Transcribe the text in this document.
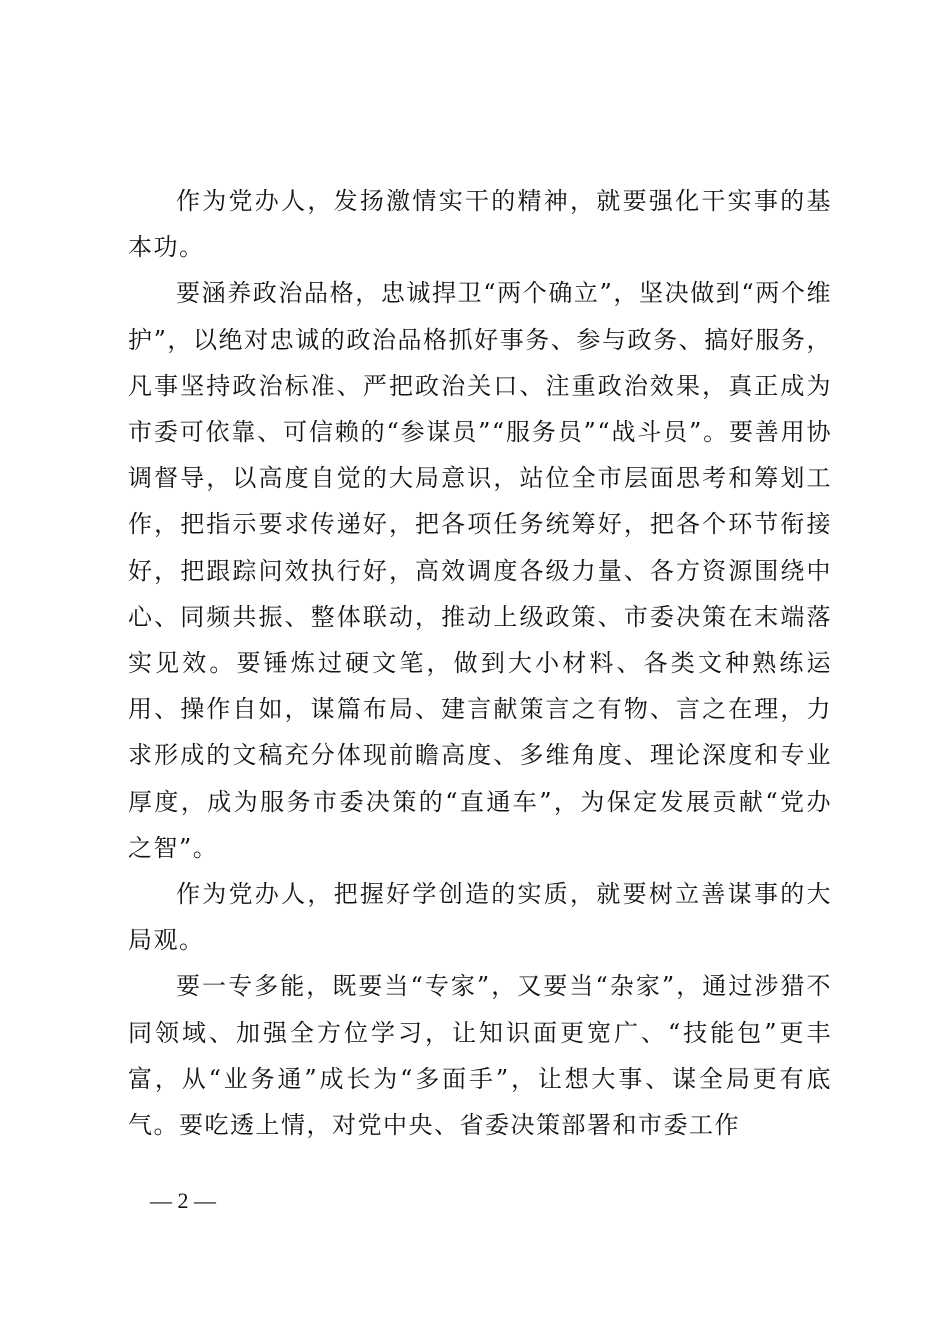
作为党办人，发扬激情实干的精神，就要强化干实事的基本功。

要涵养政治品格，忠诚捍卫“两个确立”，坚决做到“两个维护”，以绝对忠诚的政治品格抓好事务、参与政务、搞好服务，凡事坚持政治标准、严把政治关口、注重政治效果，真正成为市委可依靠、可信赖的“参谋员”“服务员”“战斗员”。要善用协调督导，以高度自觉的大局意识，站位全市层面思考和筹划工作，把指示要求传递好，把各项任务统筹好，把各个环节衔接好，把跟踪问效执行好，高效调度各级力量、各方资源围绕中心、同频共振、整体联动，推动上级政策、市委决策在末端落实见效。要锤炼过硬文笔，做到大小材料、各类文种熟练运用、操作自如，谋篇布局、建言献策言之有物、言之在理，力求形成的文稿充分体现前瞻高度、多维角度、理论深度和专业厚度，成为服务市委决策的“直通车”，为保定发展贡献“党办之智”。

作为党办人，把握好学创造的实质，就要树立善谋事的大局观。

要一专多能，既要当“专家”，又要当“杂家”，通过涉猎不同领域、加强全方位学习，让知识面更宽广、“技能包”更丰富，从“业务通”成长为“多面手”，让想大事、谋全局更有底气。要吃透上情，对党中央、省委决策部署和市委工作

— 2 —
